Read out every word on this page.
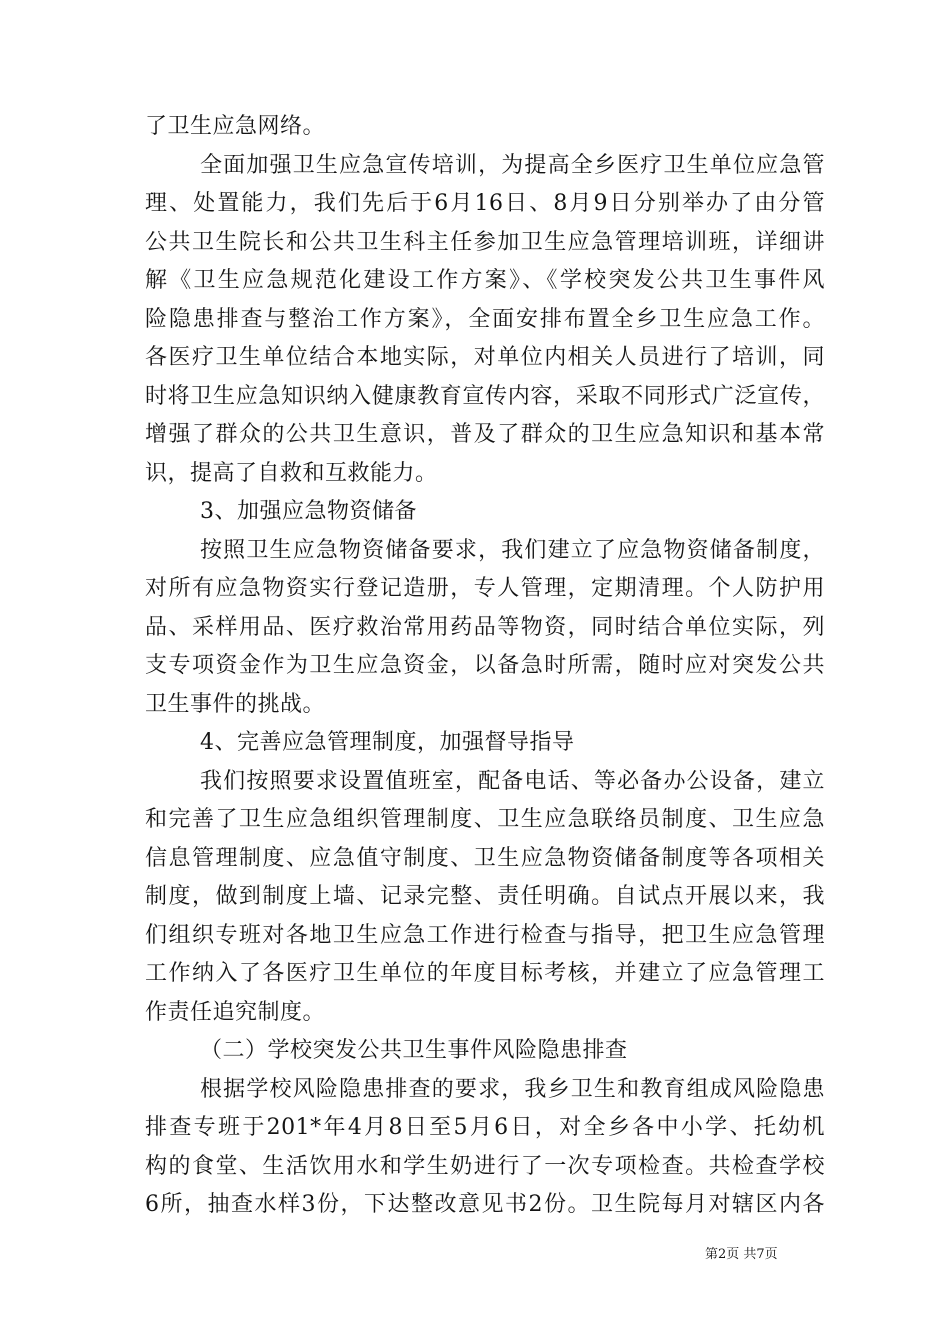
了卫生应急网络。
全面加强卫生应急宣传培训，为提高全乡医疗卫生单位应急管
理、处置能力，我们先后于6月16日、8月9日分别举办了由分管
公共卫生院长和公共卫生科主任参加卫生应急管理培训班，详细讲
解《卫生应急规范化建设工作方案》、《学校突发公共卫生事件风
险隐患排查与整治工作方案》，全面安排布置全乡卫生应急工作。
各医疗卫生单位结合本地实际，对单位内相关人员进行了培训，同
时将卫生应急知识纳入健康教育宣传内容，采取不同形式广泛宣传，
增强了群众的公共卫生意识，普及了群众的卫生应急知识和基本常
识，提高了自救和互救能力。
3、加强应急物资储备
按照卫生应急物资储备要求，我们建立了应急物资储备制度，
对所有应急物资实行登记造册，专人管理，定期清理。个人防护用
品、采样用品、医疗救治常用药品等物资，同时结合单位实际，列
支专项资金作为卫生应急资金，以备急时所需，随时应对突发公共
卫生事件的挑战。
4、完善应急管理制度，加强督导指导
我们按照要求设置值班室，配备电话、等必备办公设备，建立
和完善了卫生应急组织管理制度、卫生应急联络员制度、卫生应急
信息管理制度、应急值守制度、卫生应急物资储备制度等各项相关
制度，做到制度上墙、记录完整、责任明确。自试点开展以来，我
们组织专班对各地卫生应急工作进行检查与指导，把卫生应急管理
工作纳入了各医疗卫生单位的年度目标考核，并建立了应急管理工
作责任追究制度。
（二）学校突发公共卫生事件风险隐患排查
根据学校风险隐患排查的要求，我乡卫生和教育组成风险隐患
排查专班于201*年4月8日至5月6日，对全乡各中小学、托幼机
构的食堂、生活饮用水和学生奶进行了一次专项检查。共检查学校
6所，抽查水样3份，下达整改意见书2份。卫生院每月对辖区内各
第2页 共7页
